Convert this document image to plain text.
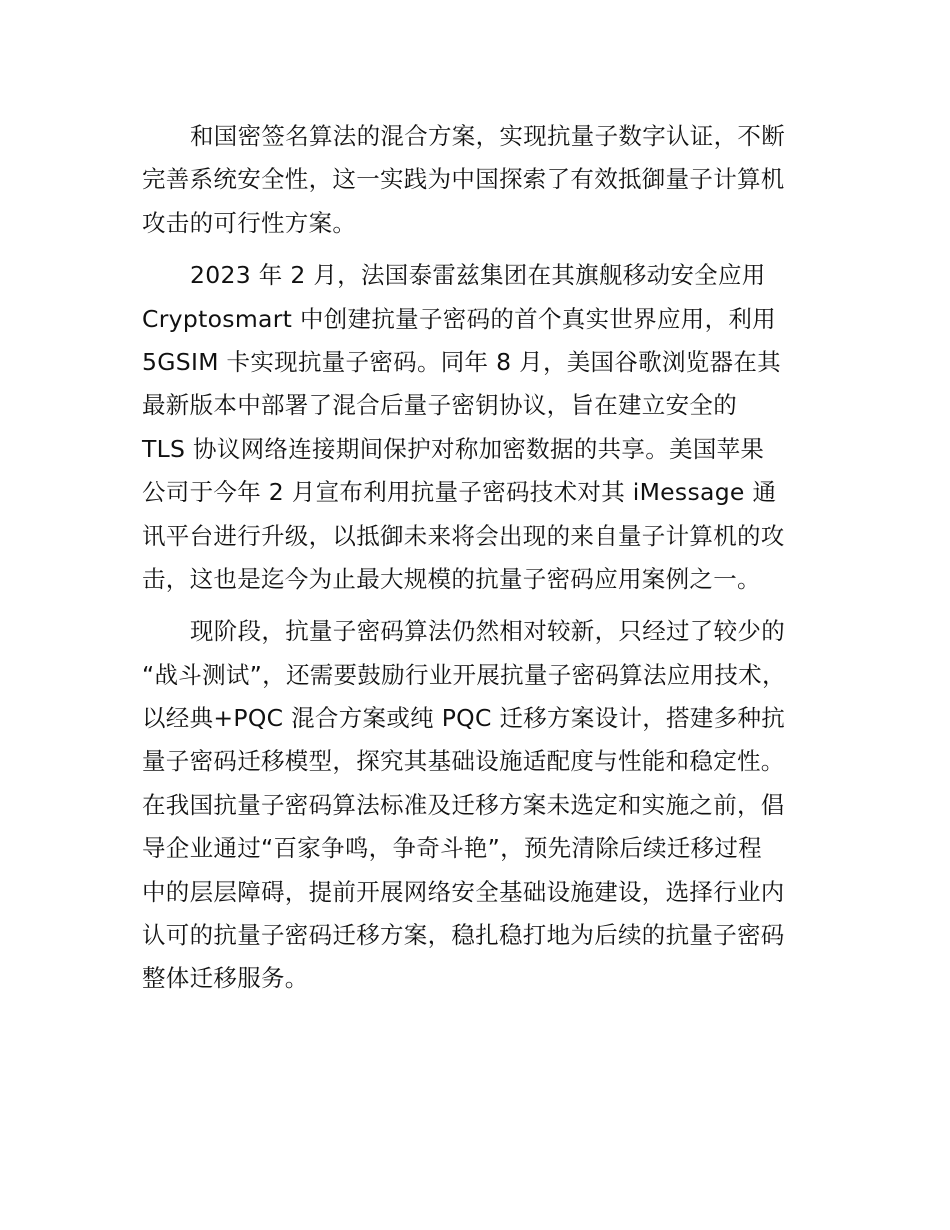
和国密签名算法的混合方案，实现抗量子数字认证，不断
完善系统安全性，这一实践为中国探索了有效抵御量子计算机
攻击的可行性方案。
2023 年 2 月，法国泰雷兹集团在其旗舰移动安全应用
Cryptosmart 中创建抗量子密码的首个真实世界应用，利用
5GSIM 卡实现抗量子密码。同年 8 月，美国谷歌浏览器在其
最新版本中部署了混合后量子密钥协议，旨在建立安全的
TLS 协议网络连接期间保护对称加密数据的共享。美国苹果
公司于今年 2 月宣布利用抗量子密码技术对其 iMessage 通
讯平台进行升级，以抵御未来将会出现的来自量子计算机的攻
击，这也是迄今为止最大规模的抗量子密码应用案例之一。
现阶段，抗量子密码算法仍然相对较新，只经过了较少的
“战斗测试”，还需要鼓励行业开展抗量子密码算法应用技术，
以经典+PQC 混合方案或纯 PQC 迁移方案设计，搭建多种抗
量子密码迁移模型，探究其基础设施适配度与性能和稳定性。
在我国抗量子密码算法标准及迁移方案未选定和实施之前，倡
导企业通过“百家争鸣，争奇斗艳”，预先清除后续迁移过程
中的层层障碍，提前开展网络安全基础设施建设，选择行业内
认可的抗量子密码迁移方案，稳扎稳打地为后续的抗量子密码
整体迁移服务。
